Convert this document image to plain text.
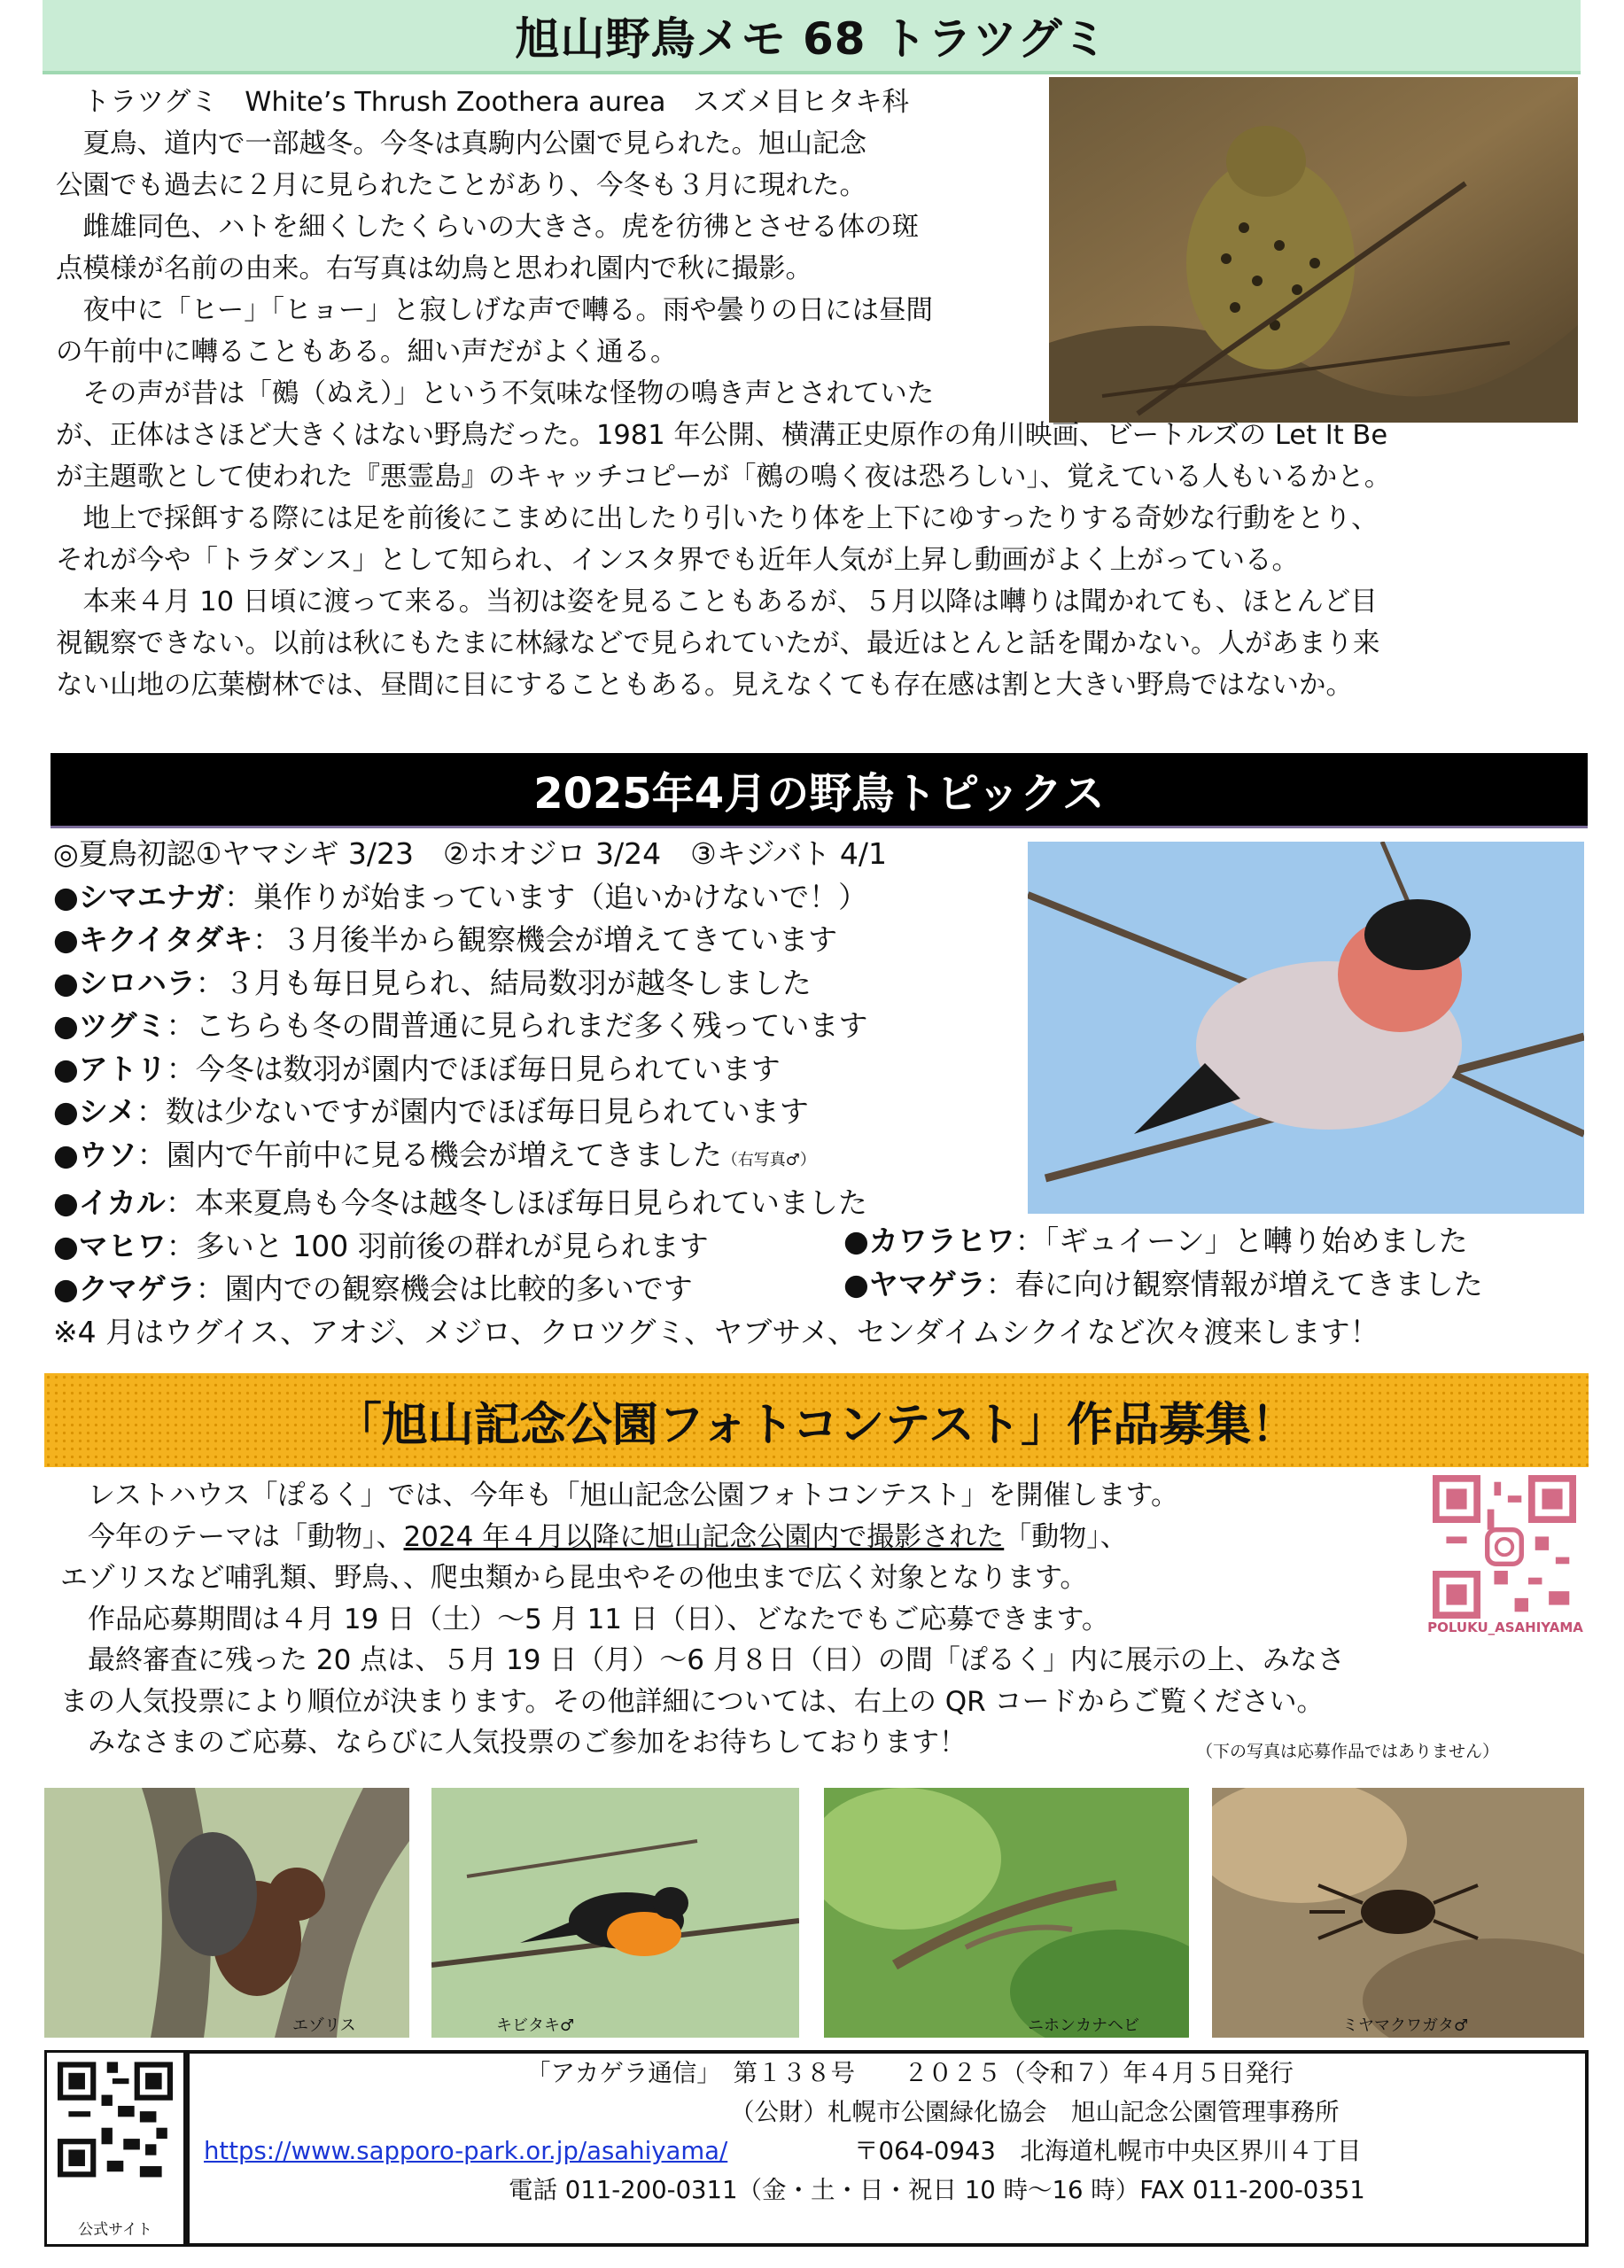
旭山野鳥メモ 68 トラツグミ

　トラツグミ　White’s Thrush Zoothera aurea　スズメ目ヒタキ科

　夏鳥、道内で一部越冬。今冬は真駒内公園で見られた。旭山記念

公園でも過去に２月に見られたことがあり、今冬も３月に現れた。

　雌雄同色、ハトを細くしたくらいの大きさ。虎を彷彿とさせる体の斑

点模様が名前の由来。右写真は幼鳥と思われ園内で秋に撮影。

　夜中に「ヒー」「ヒョー」と寂しげな声で囀る。雨や曇りの日には昼間

の午前中に囀ることもある。細い声だがよく通る。

　その声が昔は「鵺（ぬえ）」という不気味な怪物の鳴き声とされていた

が、正体はさほど大きくはない野鳥だった。1981 年公開、横溝正史原作の角川映画、ビートルズの Let It Be

が主題歌として使われた『悪霊島』のキャッチコピーが「鵺の鳴く夜は恐ろしい」、覚えている人もいるかと。

　地上で採餌する際には足を前後にこまめに出したり引いたり体を上下にゆすったりする奇妙な行動をとり、

それが今や「トラダンス」として知られ、インスタ界でも近年人気が上昇し動画がよく上がっている。

　本来４月 10 日頃に渡って来る。当初は姿を見ることもあるが、５月以降は囀りは聞かれても、ほとんど目

視観察できない。以前は秋にもたまに林縁などで見られていたが、最近はとんと話を聞かない。人があまり来

ない山地の広葉樹林では、昼間に目にすることもある。見えなくても存在感は割と大きい野鳥ではないか。

2025年4月の野鳥トピックス
◎夏鳥初認①ヤマシギ 3/23　②ホオジロ 3/24　③キジバト 4/1
●シマエナガ：巣作りが始まっています（追いかけないで！）
●キクイタダキ：３月後半から観察機会が増えてきています
●シロハラ：３月も毎日見られ、結局数羽が越冬しました
●ツグミ：こちらも冬の間普通に見られまだ多く残っています
●アトリ：今冬は数羽が園内でほぼ毎日見られています
●シメ：数は少ないですが園内でほぼ毎日見られています
●ウソ：園内で午前中に見る機会が増えてきました（右写真♂）
●イカル：本来夏鳥も今冬は越冬しほぼ毎日見られていました
●マヒワ：多いと 100 羽前後の群れが見られます
●クマゲラ：園内での観察機会は比較的多いです
※4 月はウグイス、アオジ、メジロ、クロツグミ、ヤブサメ、センダイムシクイなど次々渡来します！
●カワラヒワ：「ギュイーン」と囀り始めました
●ヤマゲラ：春に向け観察情報が増えてきました
「旭山記念公園フォトコンテスト」作品募集！
POLUKU_ASAHIYAMA
　レストハウス「ぽるく」では、今年も「旭山記念公園フォトコンテスト」を開催します。
　今年のテーマは「動物」、2024 年４月以降に旭山記念公園内で撮影された「動物」、
エゾリスなど哺乳類、野鳥、、爬虫類から昆虫やその他虫まで広く対象となります。
　作品応募期間は４月 19 日（土）～5 月 11 日（日）、どなたでもご応募できます。
　最終審査に残った 20 点は、５月 19 日（月）～6 月８日（日）の間「ぽるく」内に展示の上、みなさ
まの人気投票により順位が決まります。その他詳細については、右上の QR コードからご覧ください。
　みなさまのご応募、ならびに人気投票のご参加をお待ちしております！	（下の写真は応募作品ではありません）
エゾリス	キビタキ♂	ニホンカナヘビ	ミヤマクワガタ♂
公式サイト
「アカゲラ通信」　第１３８号　　２０２５（令和７）年４月５日発行
（公財）札幌市公園緑化協会　旭山記念公園管理事務所
https://www.sapporo-park.or.jp/asahiyama/	〒064-0943　北海道札幌市中央区界川４丁目
電話 011-200-0311（金・土・日・祝日 10 時～16 時）FAX 011-200-0351
